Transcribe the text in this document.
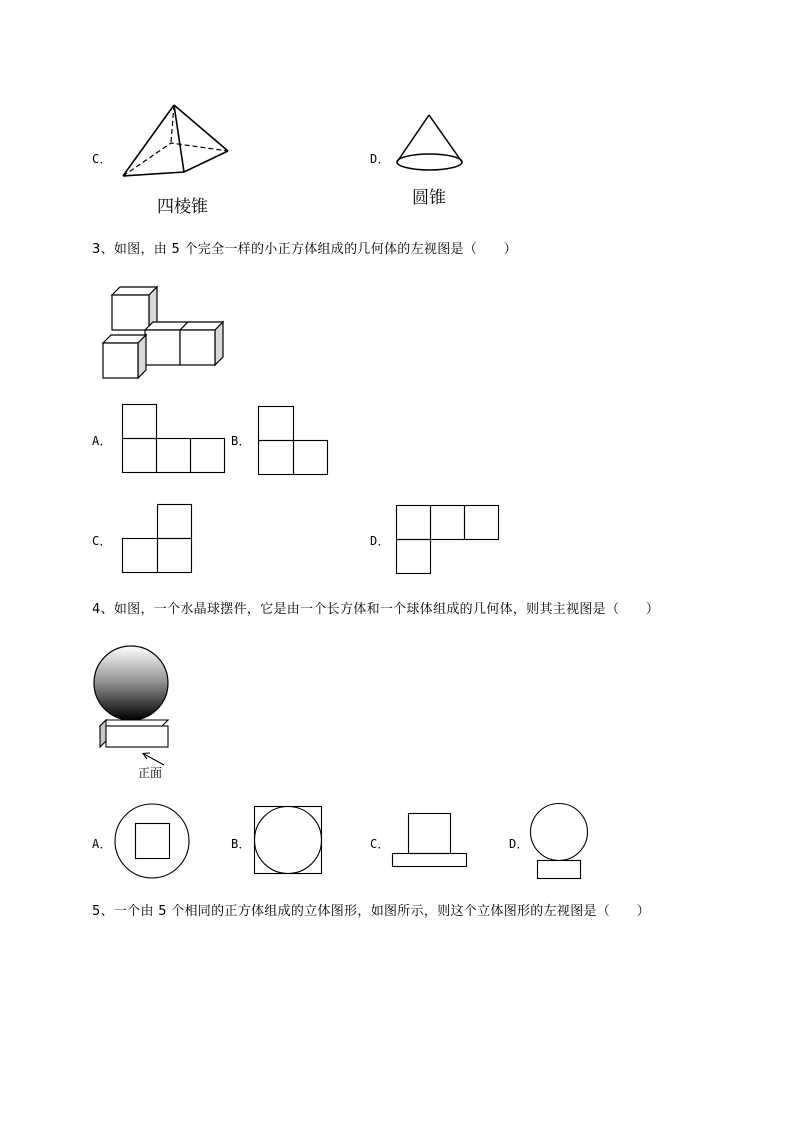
C．
四棱锥
D．
圆锥
3、如图，由 5 个完全一样的小正方体组成的几何体的左视图是（　　）
A．	B．
C．	D．
4、如图，一个水晶球摆件，它是由一个长方体和一个球体组成的几何体，则其主视图是（　　）
正面
A．	B．	C．	D．
5、一个由 5 个相同的正方体组成的立体图形，如图所示，则这个立体图形的左视图是（　　）
